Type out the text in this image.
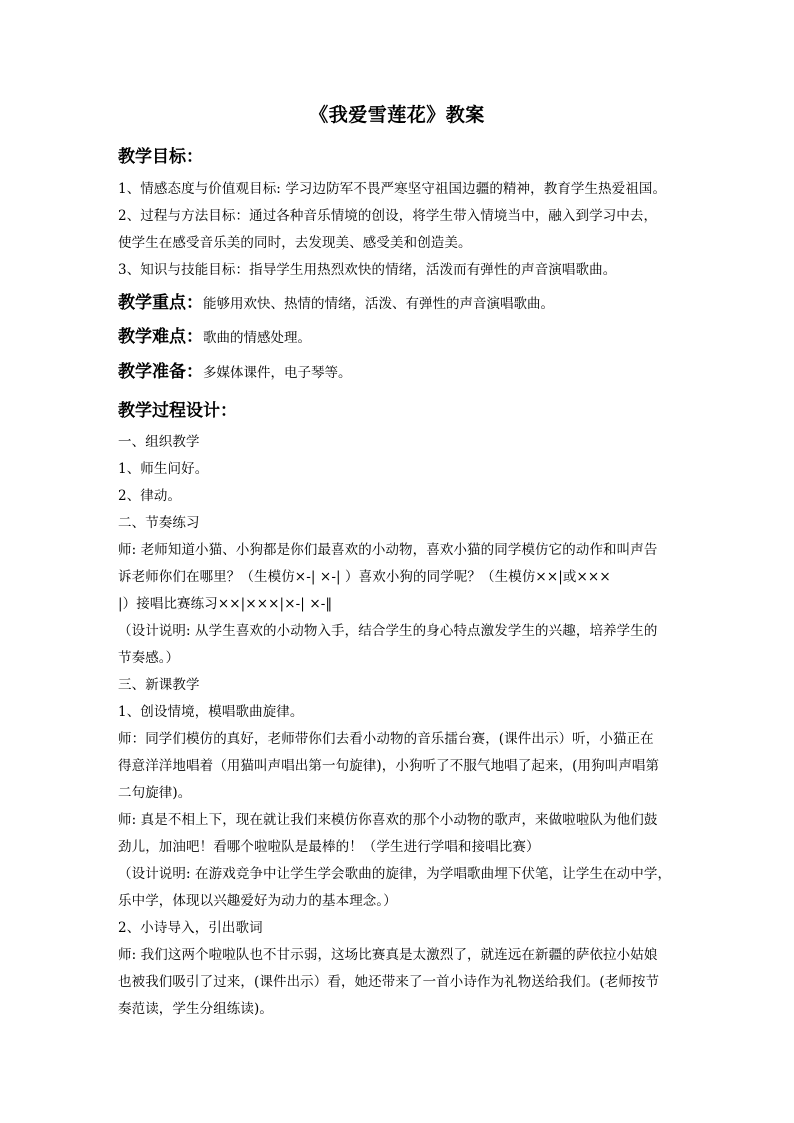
《我爱雪莲花》教案
教学目标：
1、情感态度与价值观目标: 学习边防军不畏严寒坚守祖国边疆的精神，教育学生热爱祖国。
2、过程与方法目标：通过各种音乐情境的创设，将学生带入情境当中，融入到学习中去，
使学生在感受音乐美的同时，去发现美、感受美和创造美。
3、知识与技能目标：指导学生用热烈欢快的情绪，活泼而有弹性的声音演唱歌曲。
教学重点：能够用欢快、热情的情绪，活泼、有弹性的声音演唱歌曲。
教学难点：歌曲的情感处理。
教学准备：多媒体课件，电子琴等。
教学过程设计：
一、组织教学
1、师生问好。
2、律动。
二、节奏练习
师: 老师知道小猫、小狗都是你们最喜欢的小动物，喜欢小猫的同学模仿它的动作和叫声告
诉老师你们在哪里？（生模仿×-| ×-| ）喜欢小狗的同学呢？（生模仿××|或×××
|）接唱比赛练习××|×××|×-| ×-‖
（设计说明: 从学生喜欢的小动物入手，结合学生的身心特点激发学生的兴趣，培养学生的
节奏感。）
三、新课教学
1、创设情境，模唱歌曲旋律。
师：同学们模仿的真好，老师带你们去看小动物的音乐擂台赛，(课件出示）听，小猫正在
得意洋洋地唱着（用猫叫声唱出第一句旋律)，小狗听了不服气地唱了起来，(用狗叫声唱第
二句旋律)。
师: 真是不相上下，现在就让我们来模仿你喜欢的那个小动物的歌声，来做啦啦队为他们鼓
劲儿，加油吧！看哪个啦啦队是最棒的！（学生进行学唱和接唱比赛）
（设计说明: 在游戏竞争中让学生学会歌曲的旋律，为学唱歌曲埋下伏笔，让学生在动中学，
乐中学，体现以兴趣爱好为动力的基本理念。）
2、小诗导入，引出歌词
师: 我们这两个啦啦队也不甘示弱，这场比赛真是太激烈了，就连远在新疆的萨依拉小姑娘
也被我们吸引了过来，(课件出示）看，她还带来了一首小诗作为礼物送给我们。(老师按节
奏范读，学生分组练读)。
